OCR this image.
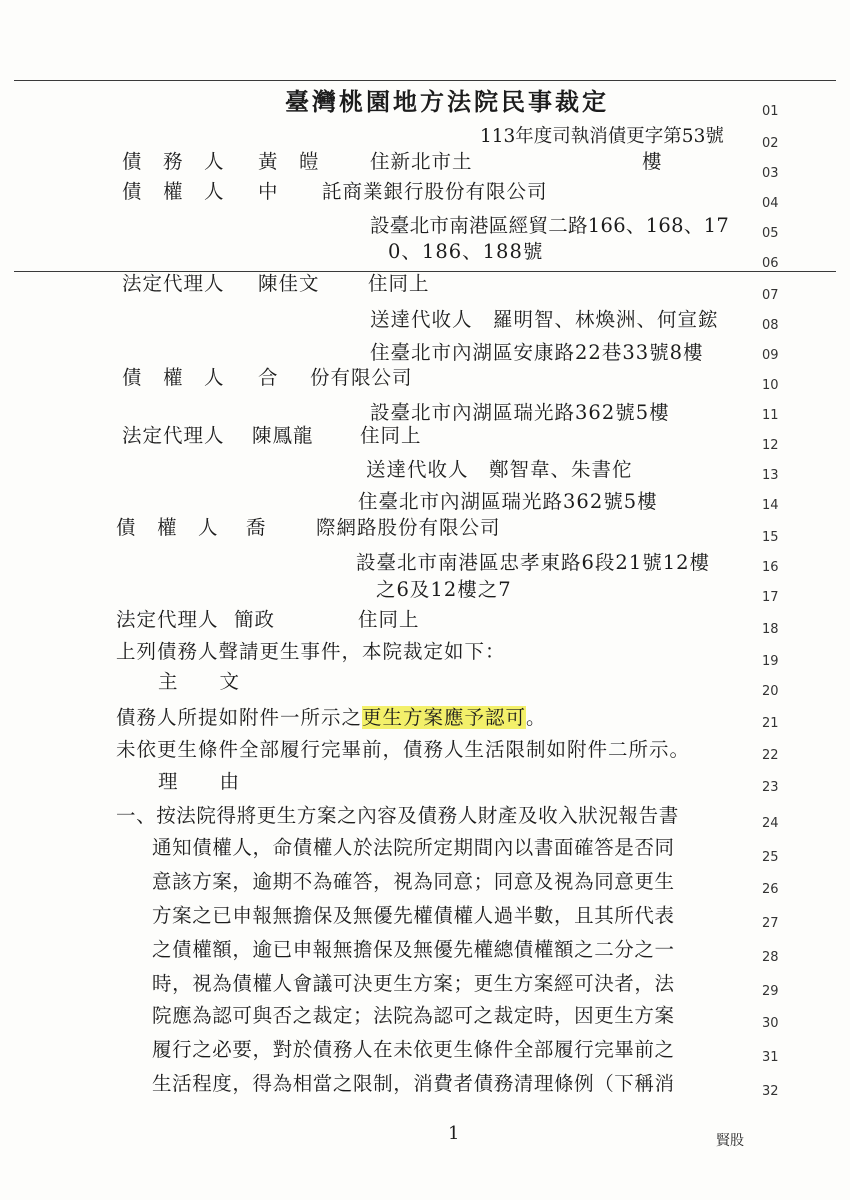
臺灣桃園地方法院民事裁定
113年度司執消債更字第53號
債　務　人 黃　皚	住新北市土	樓
債　權　人 中 託商業銀行股份有限公司
設臺北市南港區經貿二路166、168、17
0、186、188號
法定代理人 陳佳文 住同上
送達代收人　羅明智、林煥洲、何宣鋐
住臺北市內湖區安康路22巷33號8樓
債　權　人 合 份有限公司
設臺北市內湖區瑞光路362號5樓
法定代理人 陳鳳龍 住同上
送達代收人　鄭智韋、朱書佗
住臺北市內湖區瑞光路362號5樓
債　權　人 喬	際網路股份有限公司
設臺北市南港區忠孝東路6段21號12樓
之6及12樓之7
法定代理人 簡政	住同上
上列債務人聲請更生事件，本院裁定如下：
主　　文
債務人所提如附件一所示之更生方案應予認可。
未依更生條件全部履行完畢前，債務人生活限制如附件二所示。
理　　由
一、按法院得將更生方案之內容及債務人財產及收入狀況報告書
通知債權人，命債權人於法院所定期間內以書面確答是否同
意該方案，逾期不為確答，視為同意；同意及視為同意更生
方案之已申報無擔保及無優先權債權人過半數，且其所代表
之債權額，逾已申報無擔保及無優先權總債權額之二分之一
時，視為債權人會議可決更生方案；更生方案經可決者，法
院應為認可與否之裁定；法院為認可之裁定時，因更生方案
履行之必要，對於債務人在未依更生條件全部履行完畢前之
生活程度，得為相當之限制，消費者債務清理條例（下稱消
01
02
03
04
05
06
07
08
09
10
11
12
13
14
15
16
17
18
19
20
21
22
23
24
25
26
27
28
29
30
31
32
1	賢股
